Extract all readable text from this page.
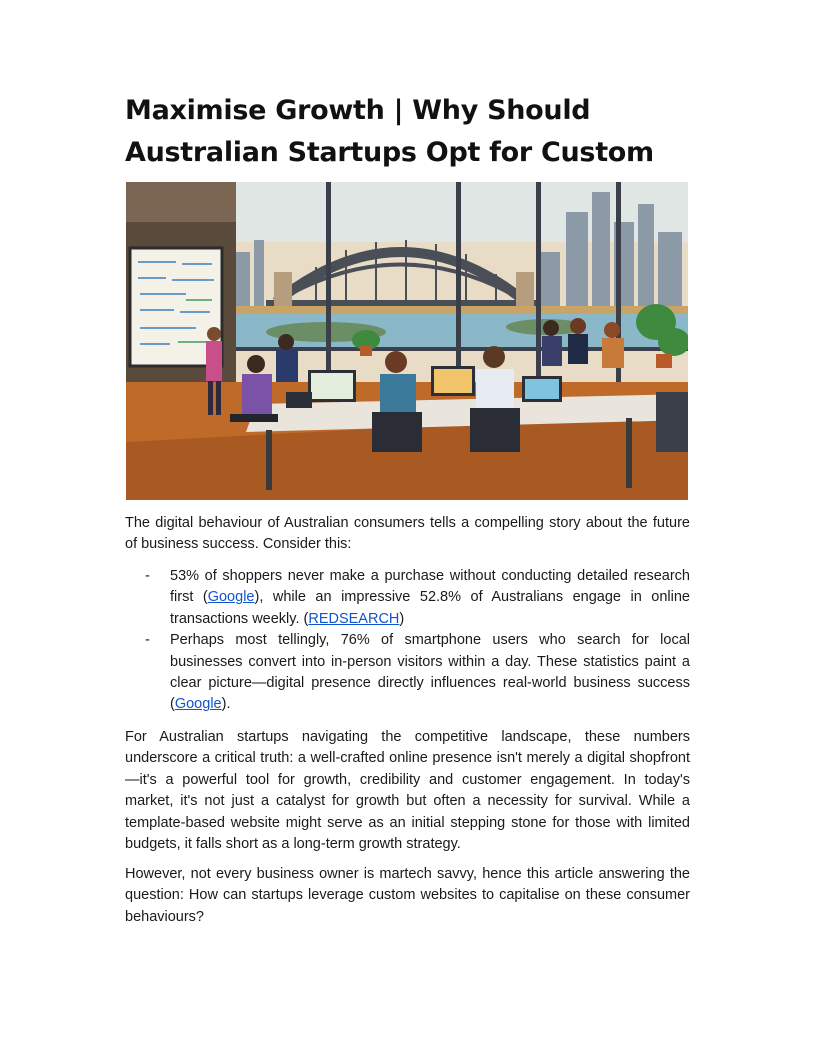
Maximise Growth | Why Should Australian Startups Opt for Custom

The digital behaviour of Australian consumers tells a compelling story about the future of business success. Consider this:

- 53% of shoppers never make a purchase without conducting detailed research first (Google), while an impressive 52.8% of Australians engage in online transactions weekly. (REDSEARCH)
- Perhaps most tellingly, 76% of smartphone users who search for local businesses convert into in-person visitors within a day. These statistics paint a clear picture—digital presence directly influences real-world business success (Google).

For Australian startups navigating the competitive landscape, these numbers underscore a critical truth: a well-crafted online presence isn't merely a digital shopfront—it's a powerful tool for growth, credibility and customer engagement. In today's market, it's not just a catalyst for growth but often a necessity for survival. While a template-based website might serve as an initial stepping stone for those with limited budgets, it falls short as a long-term growth strategy.

However, not every business owner is martech savvy, hence this article answering the question: How can startups leverage custom websites to capitalise on these consumer behaviours?
